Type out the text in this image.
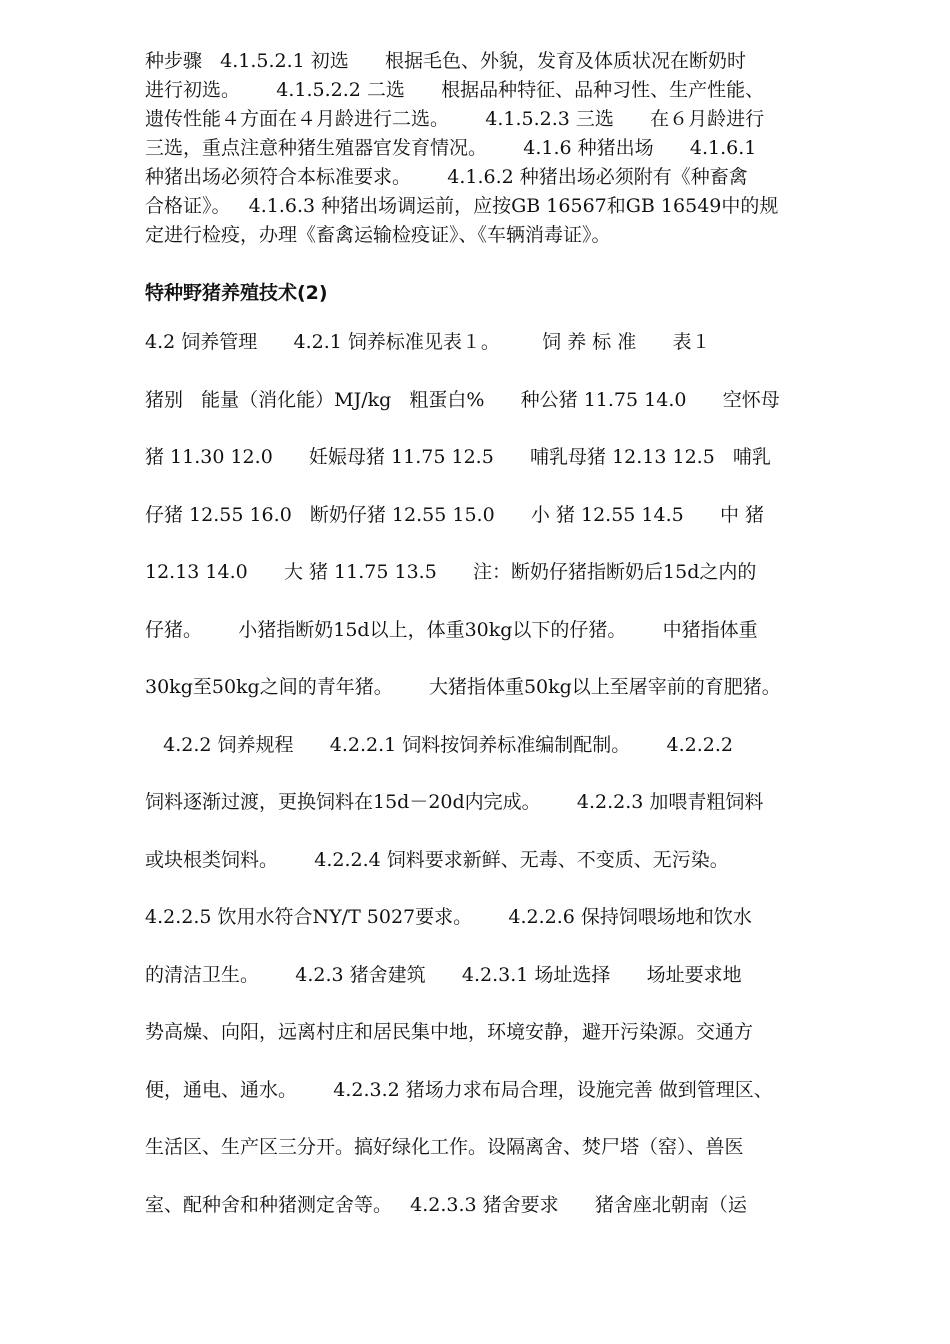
种步骤   4.1.5.2.1 初选      根据毛色、外貌，发育及体质状况在断奶时
进行初选。      4.1.5.2.2 二选      根据品种特征、品种习性、生产性能、
遗传性能４方面在４月龄进行二选。      4.1.5.2.3 三选      在６月龄进行
三选，重点注意种猪生殖器官发育情况。      4.1.6 种猪出场      4.1.6.1
种猪出场必须符合本标准要求。      4.1.6.2 种猪出场必须附有《种畜禽
合格证》。   4.1.6.3 种猪出场调运前，应按GB 16567和GB 16549中的规
定进行检疫，办理《畜禽运输检疫证》、《车辆消毒证》。
特种野猪养殖技术(2)
4.2 饲养管理      4.2.1 饲养标准见表１。       饲 养 标 准      表１
猪别   能量（消化能）MJ/kg   粗蛋白%      种公猪 11.75 14.0      空怀母
猪 11.30 12.0      妊娠母猪 11.75 12.5      哺乳母猪 12.13 12.5   哺乳
仔猪 12.55 16.0   断奶仔猪 12.55 15.0      小 猪 12.55 14.5      中 猪
12.13 14.0      大 猪 11.75 13.5      注：断奶仔猪指断奶后15d之内的
仔猪。      小猪指断奶15d以上，体重30kg以下的仔猪。      中猪指体重
30kg至50kg之间的青年猪。      大猪指体重50kg以上至屠宰前的育肥猪。
4.2.2 饲养规程      4.2.2.1 饲料按饲养标准编制配制。      4.2.2.2
饲料逐渐过渡，更换饲料在15d－20d内完成。      4.2.2.3 加喂青粗饲料
或块根类饲料。      4.2.2.4 饲料要求新鲜、无毒、不变质、无污染。
4.2.2.5 饮用水符合NY/T 5027要求。      4.2.2.6 保持饲喂场地和饮水
的清洁卫生。      4.2.3 猪舍建筑      4.2.3.1 场址选择      场址要求地
势高燥、向阳，远离村庄和居民集中地，环境安静，避开污染源。交通方
便，通电、通水。      4.2.3.2 猪场力求布局合理，设施完善 做到管理区、
生活区、生产区三分开。搞好绿化工作。设隔离舍、焚尸塔（窑）、兽医
室、配种舍和种猪测定舍等。   4.2.3.3 猪舍要求      猪舍座北朝南（运
